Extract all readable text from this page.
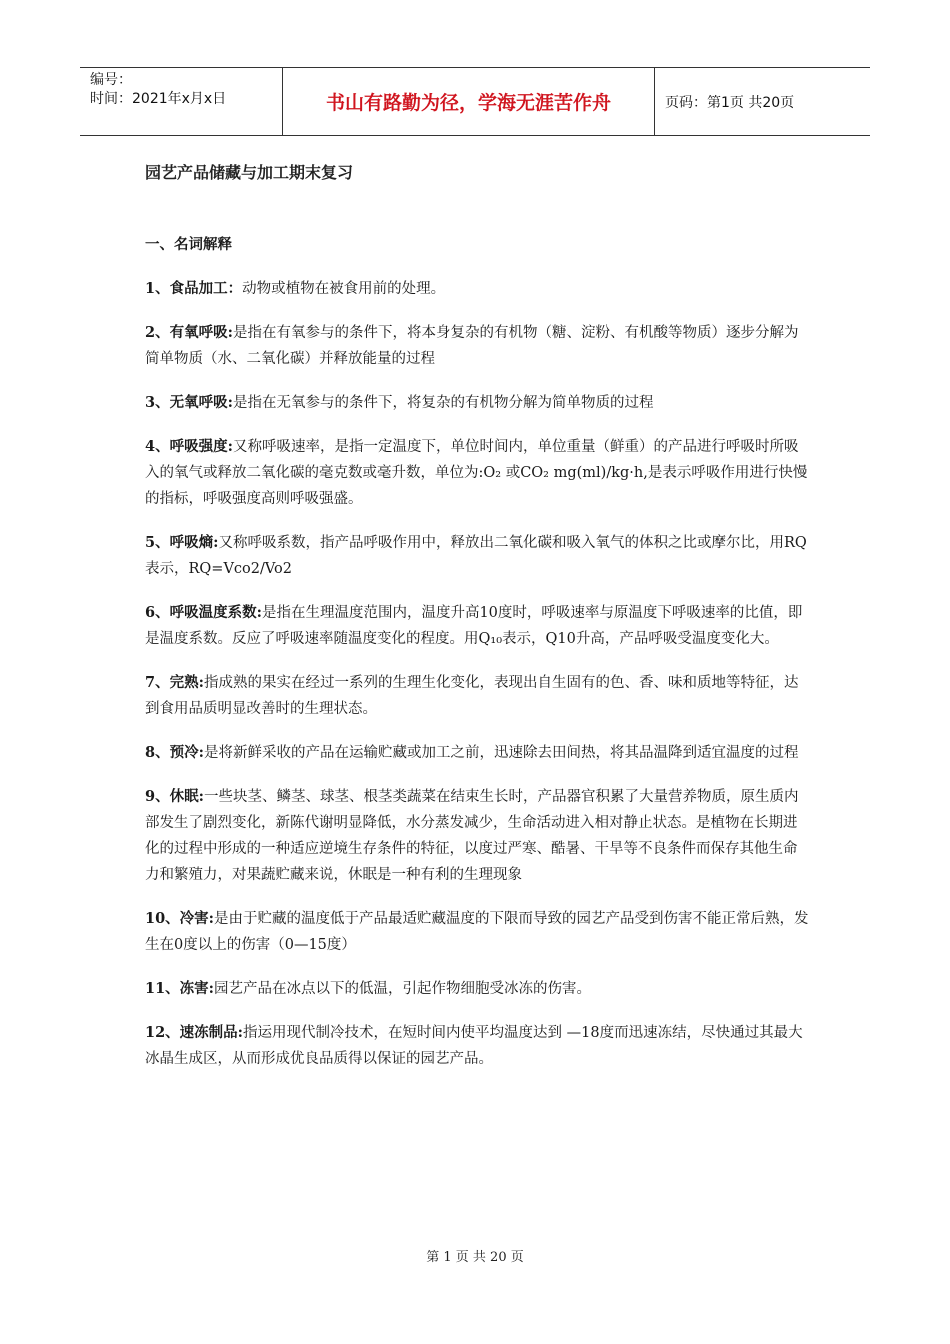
编号：
时间：2021年x月x日	书山有路勤为径，学海无涯苦作舟	页码：第1页 共20页
园艺产品储藏与加工期末复习
一、名词解释
1、食品加工：动物或植物在被食用前的处理。
2、有氧呼吸:是指在有氧参与的条件下，将本身复杂的有机物（糖、淀粉、有机酸等物质）逐步分解为简单物质（水、二氧化碳）并释放能量的过程
3、无氧呼吸:是指在无氧参与的条件下，将复杂的有机物分解为简单物质的过程
4、呼吸强度:又称呼吸速率，是指一定温度下，单位时间内，单位重量（鲜重）的产品进行呼吸时所吸入的氧气或释放二氧化碳的毫克数或毫升数，单位为:O₂ 或CO₂ mg(ml)/kg·h,是表示呼吸作用进行快慢的指标，呼吸强度高则呼吸强盛。
5、呼吸熵:又称呼吸系数，指产品呼吸作用中，释放出二氧化碳和吸入氧气的体积之比或摩尔比，用RQ表示，RQ=Vco2/Vo2
6、呼吸温度系数:是指在生理温度范围内，温度升高10度时，呼吸速率与原温度下呼吸速率的比值，即是温度系数。反应了呼吸速率随温度变化的程度。用Q₁₀表示，Q10升高，产品呼吸受温度变化大。
7、完熟:指成熟的果实在经过一系列的生理生化变化，表现出自生固有的色、香、味和质地等特征，达到食用品质明显改善时的生理状态。
8、预冷:是将新鲜采收的产品在运输贮藏或加工之前，迅速除去田间热，将其品温降到适宜温度的过程
9、休眠:一些块茎、鳞茎、球茎、根茎类蔬菜在结束生长时，产品器官积累了大量营养物质，原生质内部发生了剧烈变化，新陈代谢明显降低，水分蒸发减少，生命活动进入相对静止状态。是植物在长期进化的过程中形成的一种适应逆境生存条件的特征，以度过严寒、酷暑、干旱等不良条件而保存其他生命力和繁殖力，对果蔬贮藏来说，休眠是一种有利的生理现象
10、冷害:是由于贮藏的温度低于产品最适贮藏温度的下限而导致的园艺产品受到伤害不能正常后熟，发生在0度以上的伤害（0—15度）
11、冻害:园艺产品在冰点以下的低温，引起作物细胞受冰冻的伤害。
12、速冻制品:指运用现代制冷技术，在短时间内使平均温度达到 —18度而迅速冻结，尽快通过其最大冰晶生成区，从而形成优良品质得以保证的园艺产品。
第 1 页 共 20 页
